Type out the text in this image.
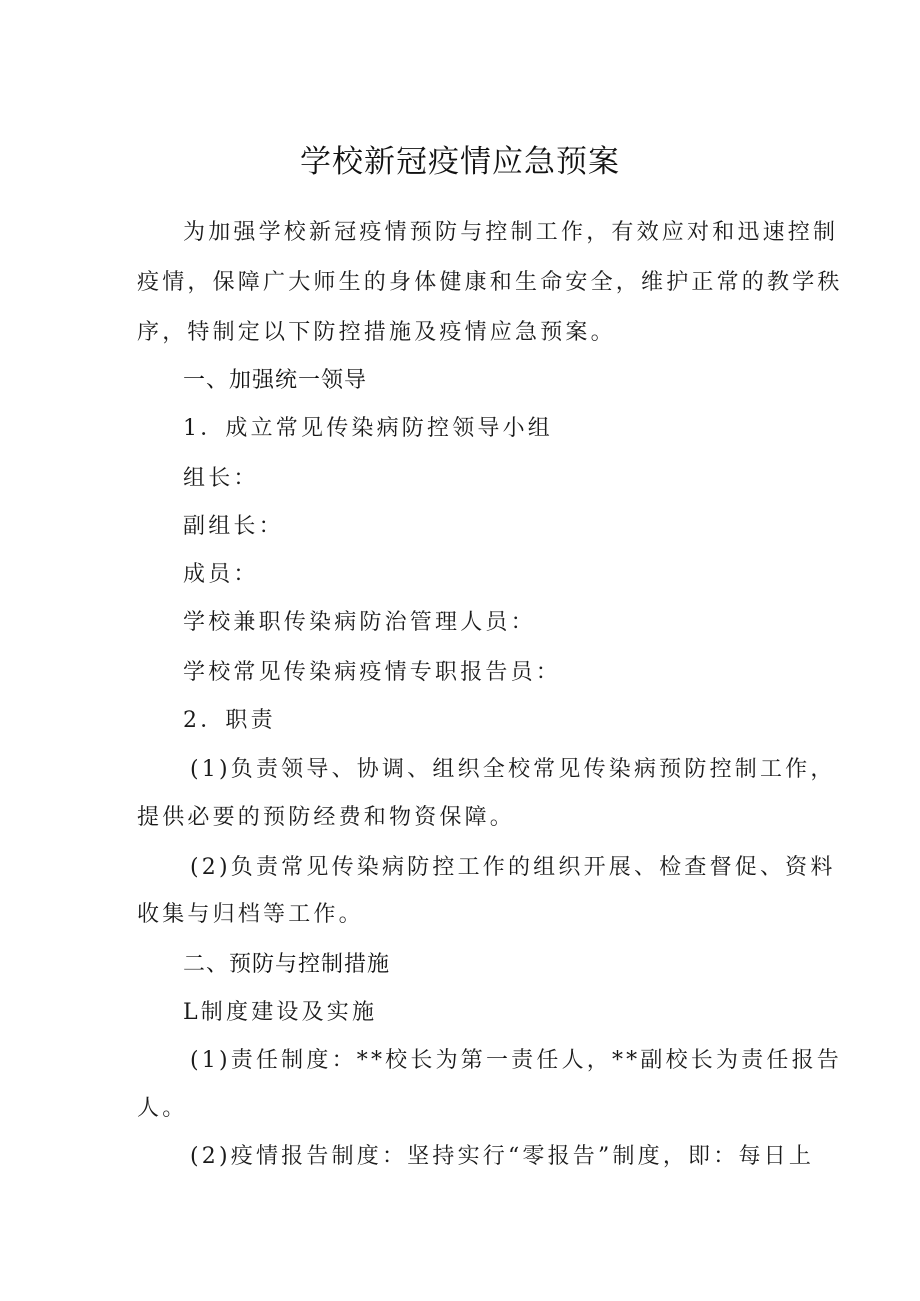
学校新冠疫情应急预案
为加强学校新冠疫情预防与控制工作，有效应对和迅速控制
疫情，保障广大师生的身体健康和生命安全，维护正常的教学秩
序，特制定以下防控措施及疫情应急预案。
一、加强统一领导
1．成立常见传染病防控领导小组
组长：
副组长：
成员：
学校兼职传染病防治管理人员：
学校常见传染病疫情专职报告员：
2．职责
(1)负责领导、协调、组织全校常见传染病预防控制工作，
提供必要的预防经费和物资保障。
(2)负责常见传染病防控工作的组织开展、检查督促、资料
收集与归档等工作。
二、预防与控制措施
L制度建设及实施
(1)责任制度：**校长为第一责任人，**副校长为责任报告
人。
(2)疫情报告制度：坚持实行“零报告”制度，即：每日上
